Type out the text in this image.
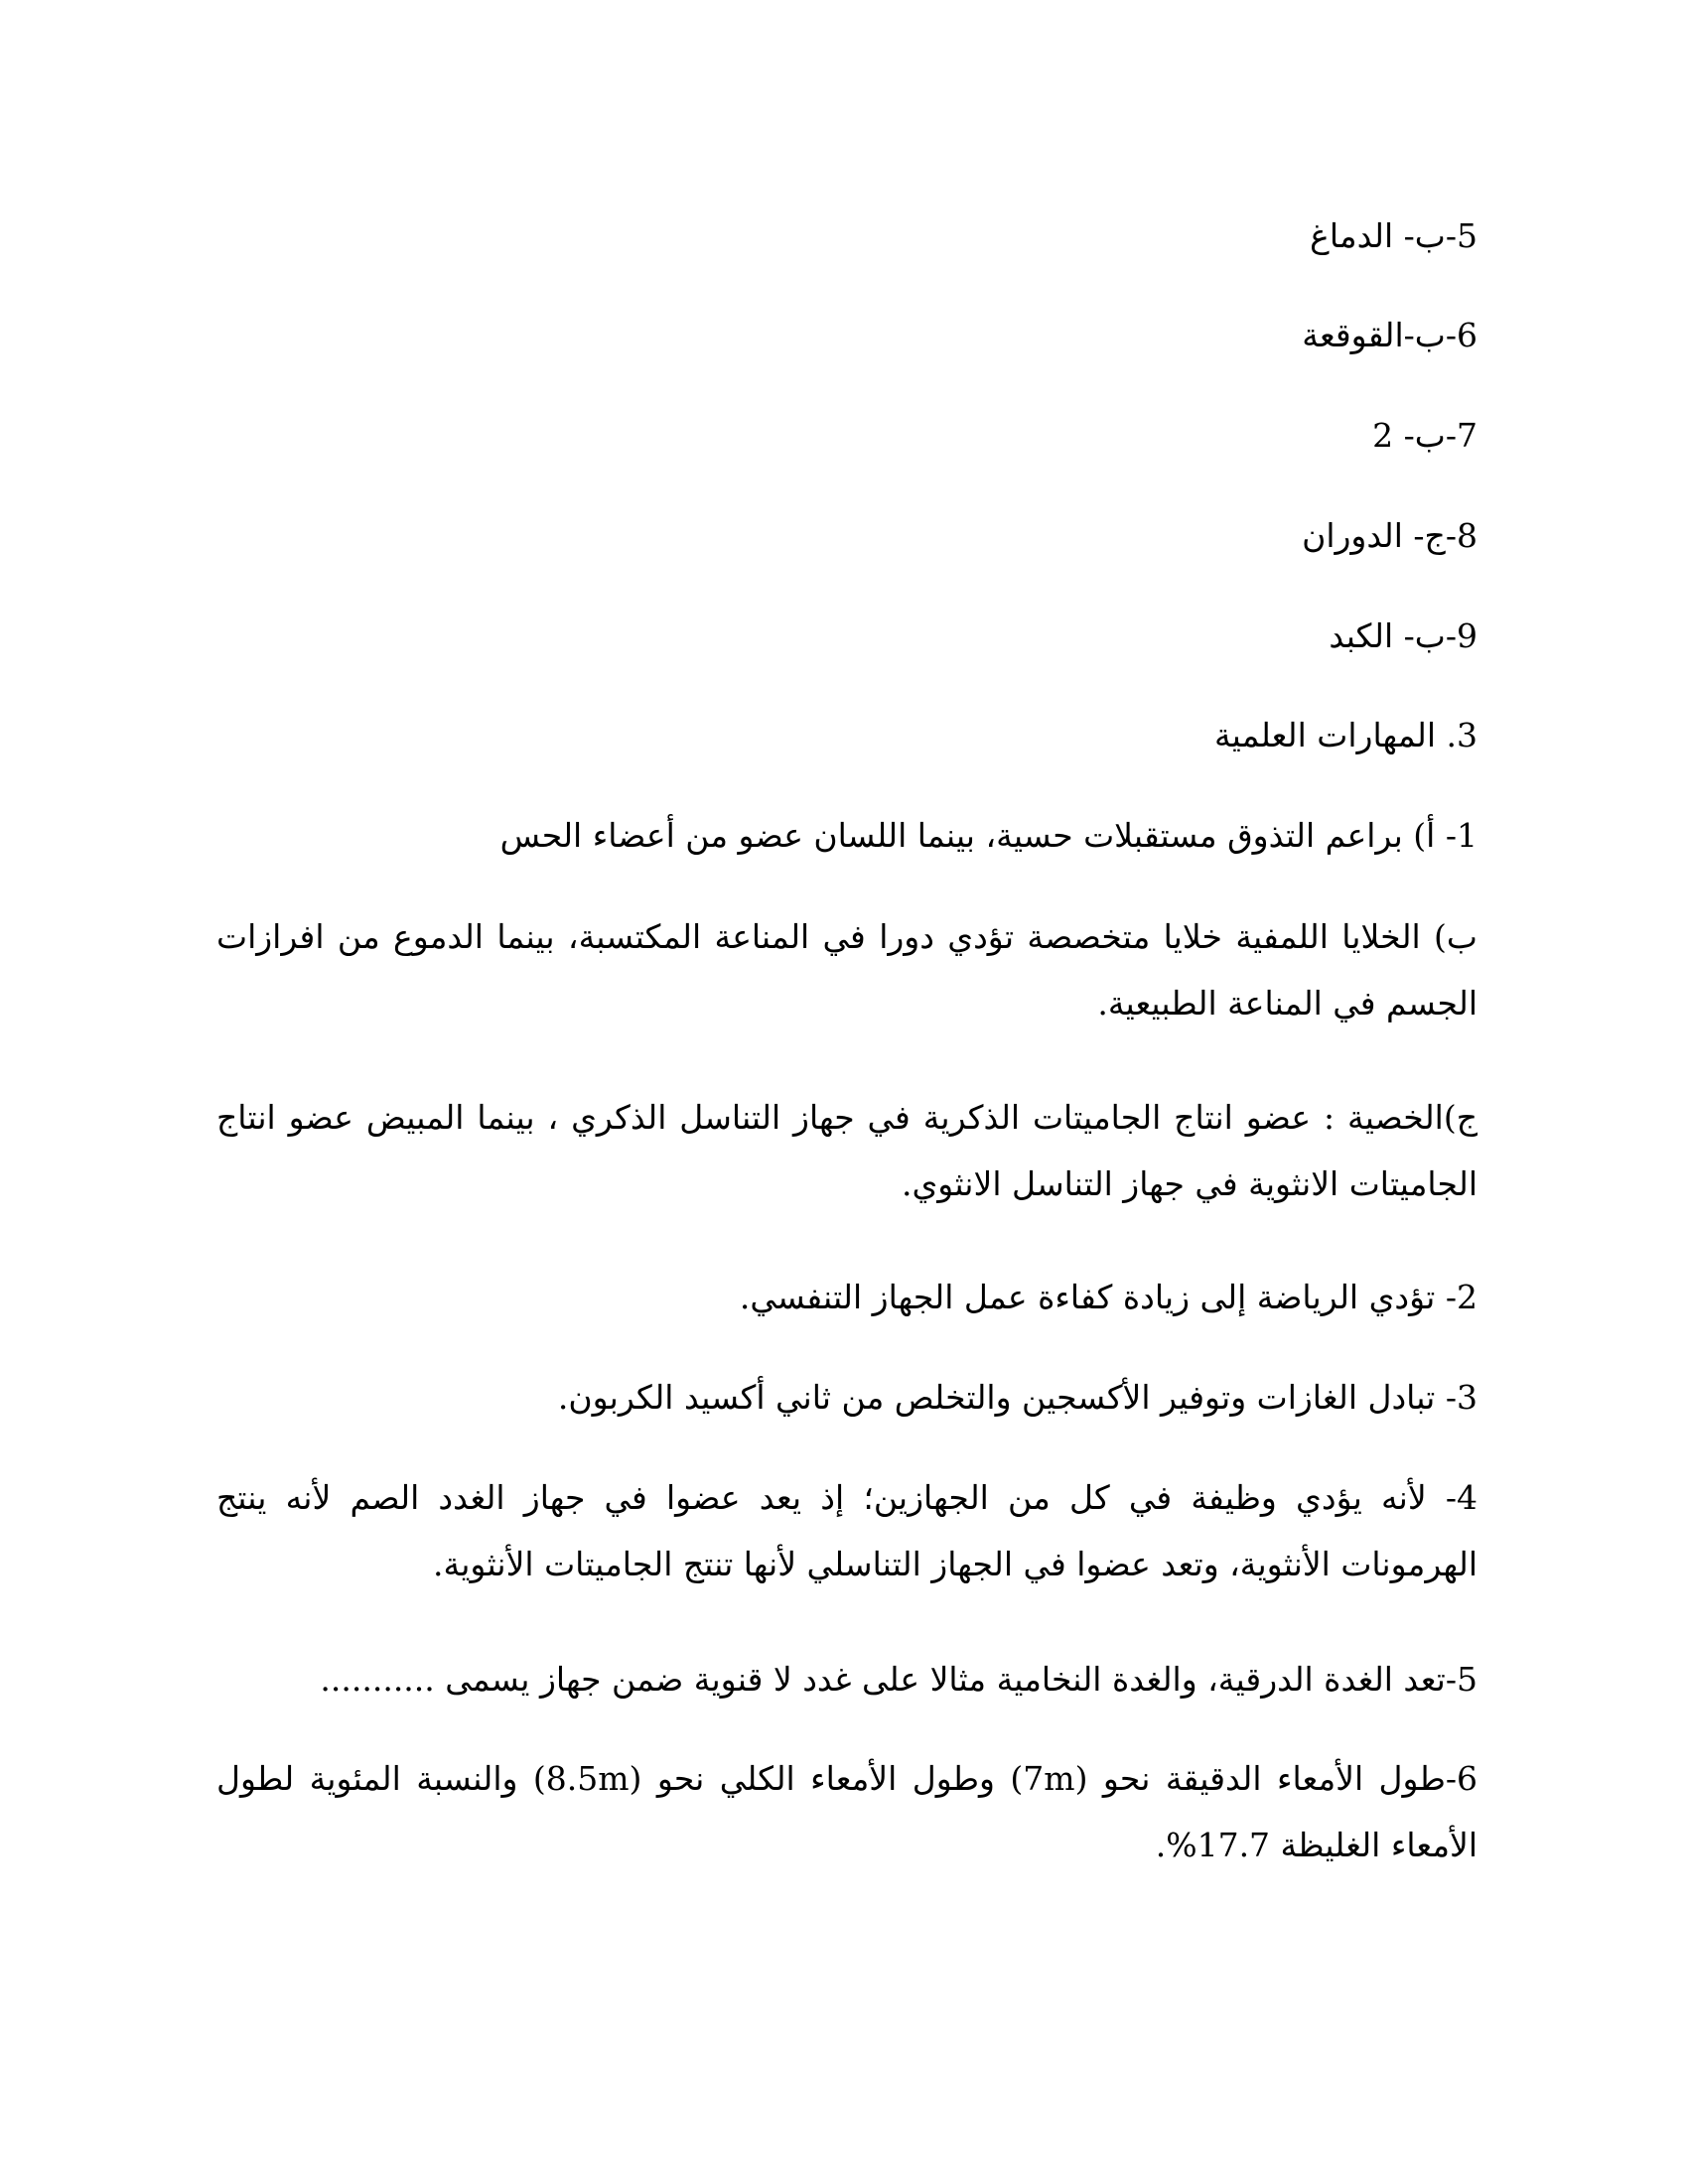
5-ب- الدماغ
6-ب-القوقعة
7-ب- 2
8-ج- الدوران
9-ب- الكبد
3. المهارات العلمية
1- أ) براعم التذوق مستقبلات حسية، بينما اللسان عضو من أعضاء الحس
ب) الخلايا اللمفية خلايا متخصصة تؤدي دورا في المناعة المكتسبة، بينما الدموع من افرازات الجسم في المناعة الطبيعية.
ج)الخصية : عضو انتاج الجاميتات الذكرية في جهاز التناسل الذكري ، بينما المبيض عضو انتاج الجاميتات الانثوية في جهاز التناسل الانثوي.
2- تؤدي الرياضة إلى زيادة كفاءة عمل الجهاز التنفسي.
3- تبادل الغازات وتوفير الأكسجين والتخلص من ثاني أكسيد الكربون.
4- لأنه يؤدي وظيفة في كل من الجهازين؛ إذ يعد عضوا في جهاز الغدد الصم لأنه ينتج الهرمونات الأنثوية، وتعد عضوا في الجهاز التناسلي لأنها تنتج الجاميتات الأنثوية.
5-تعد الغدة الدرقية، والغدة النخامية مثالا على غدد لا قنوية ضمن جهاز يسمى ...........
6-طول الأمعاء الدقيقة نحو (7m) وطول الأمعاء الكلي نحو (8.5m) والنسبة المئوية لطول الأمعاء الغليظة 17.7%.
